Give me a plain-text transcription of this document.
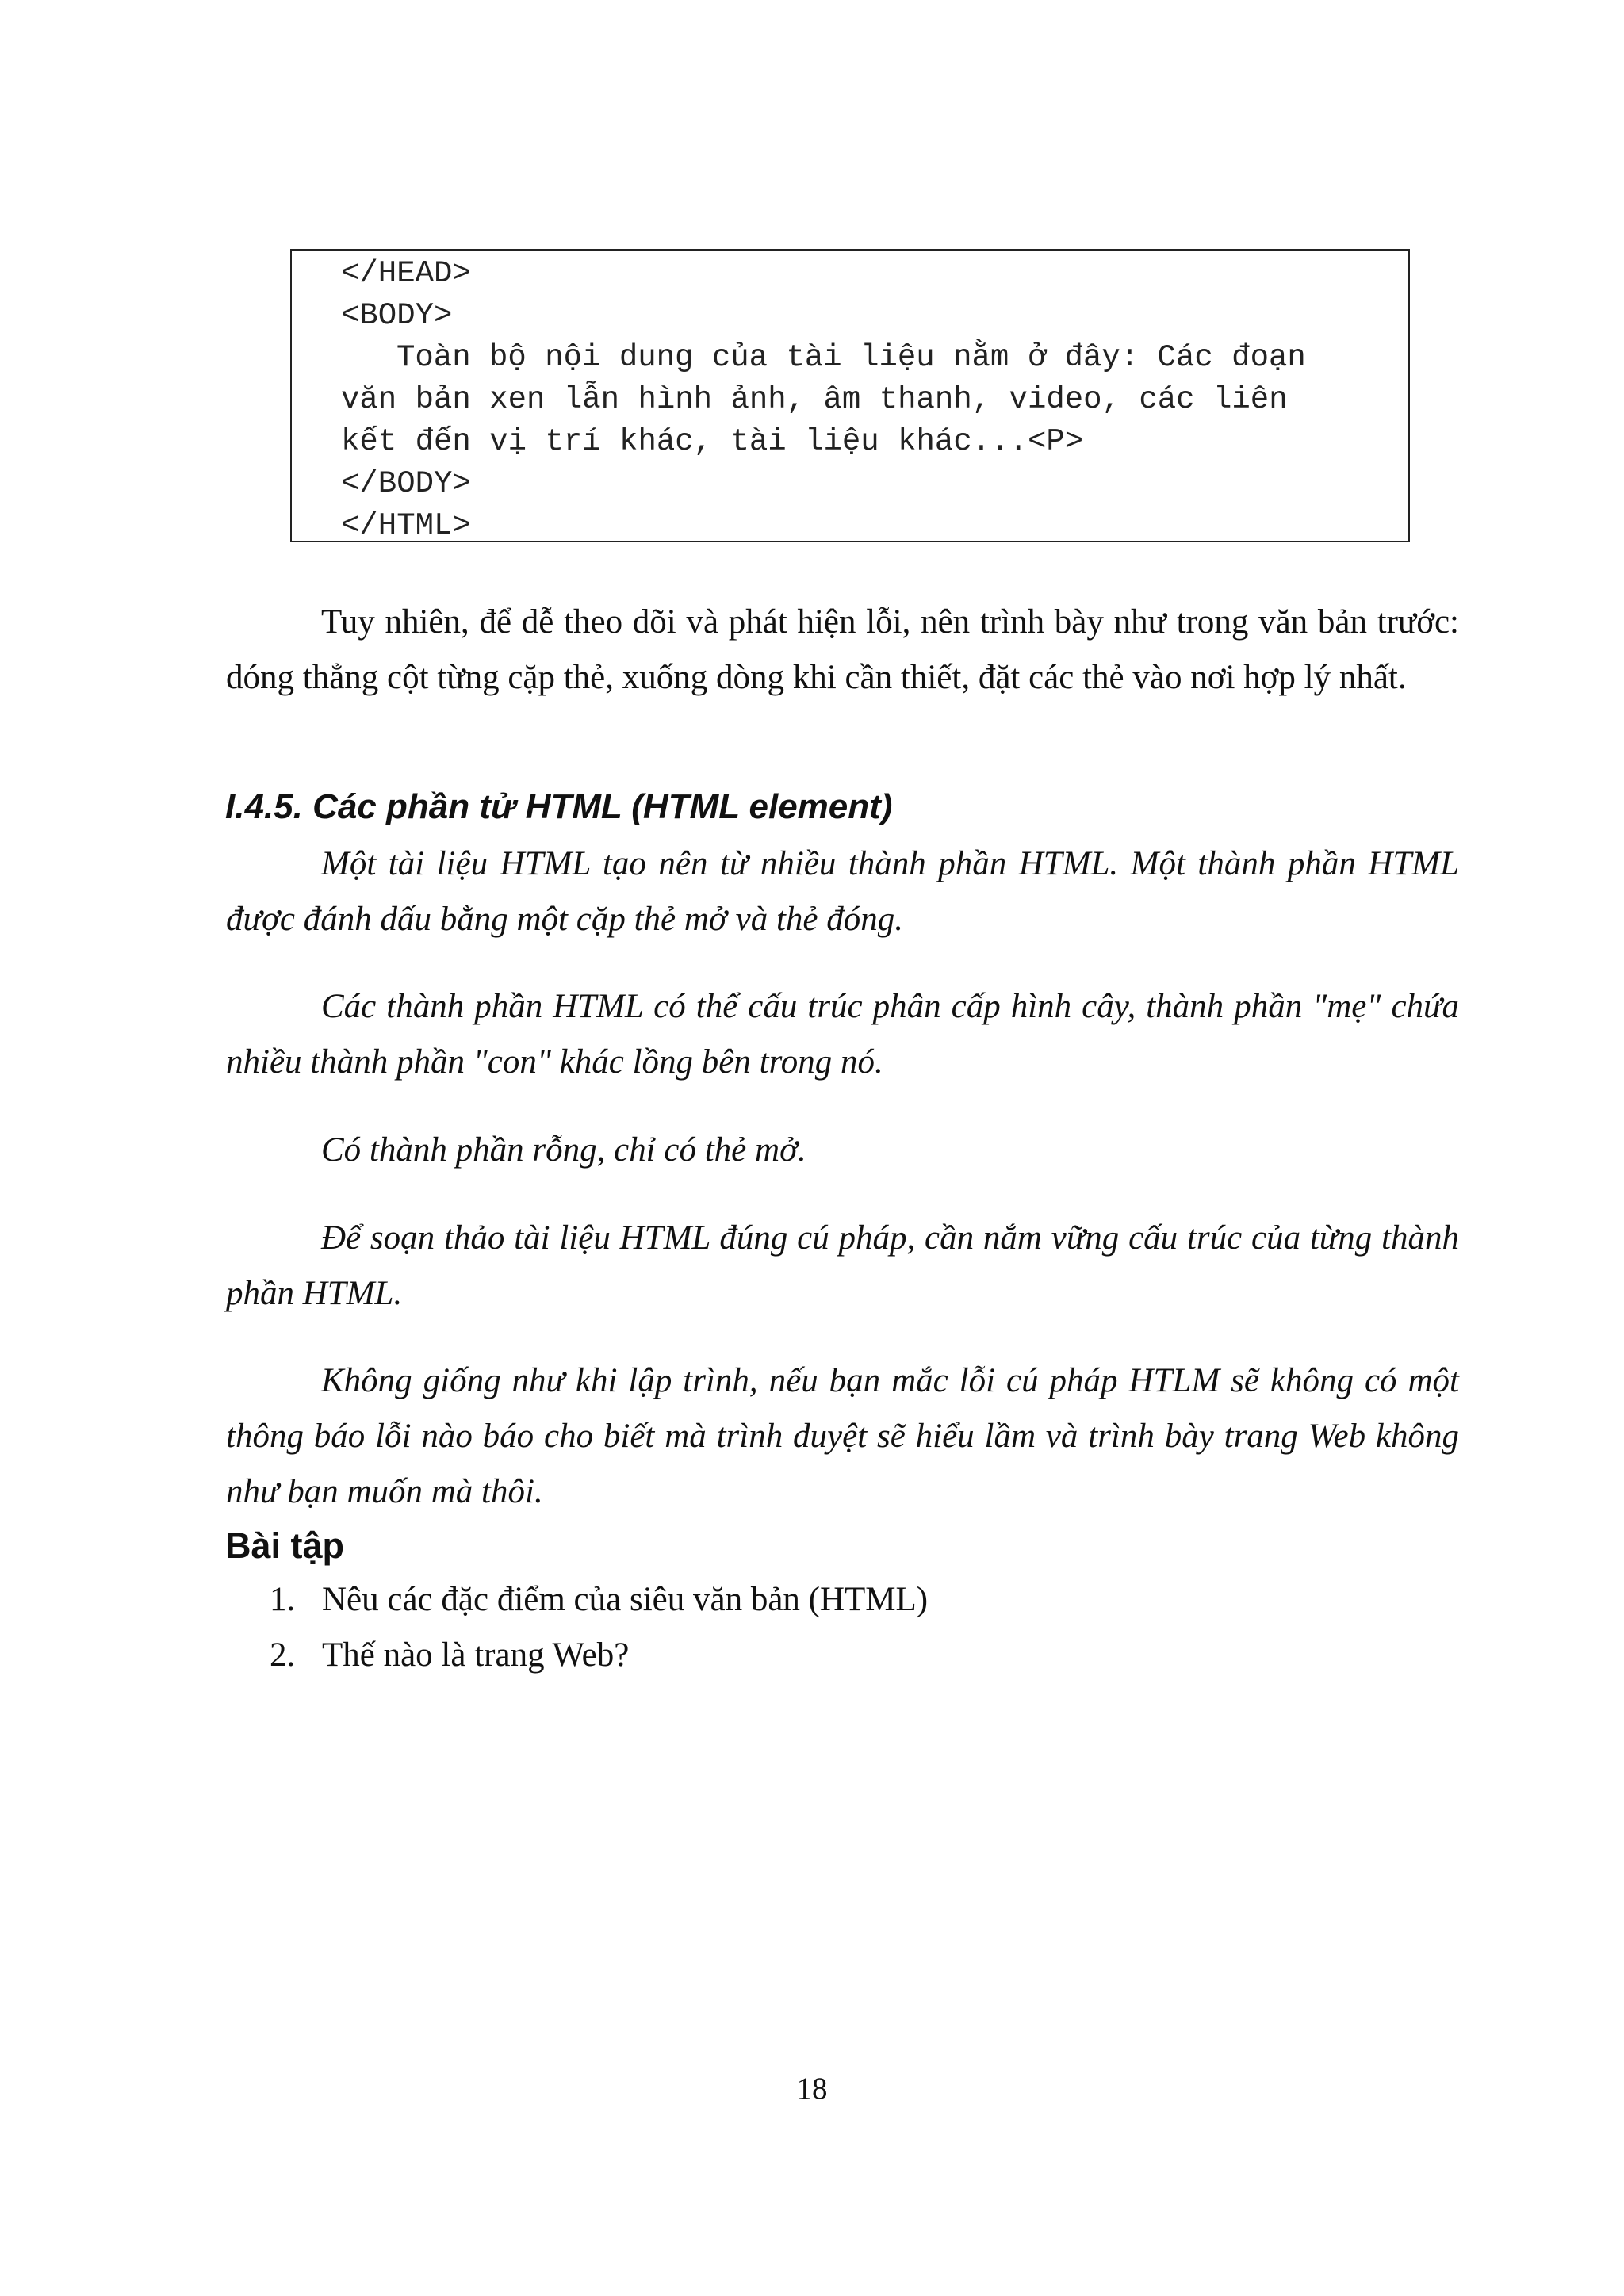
</HEAD>
<BODY>
Toàn bộ nội dung của tài liệu nằm ở đây: Các đoạn
văn bản xen lẫn hình ảnh, âm thanh, video, các liên
kết đến vị trí khác, tài liệu khác...<P>
</BODY>
</HTML>

Tuy nhiên, để dễ theo dõi và phát hiện lỗi, nên trình bày như trong văn bản trước: dóng thẳng cột từng cặp thẻ, xuống dòng khi cần thiết, đặt các thẻ vào nơi hợp lý nhất.

I.4.5. Các phần tử HTML (HTML element)

Một tài liệu HTML tạo nên từ nhiều thành phần HTML. Một thành phần HTML được đánh dấu bằng một cặp thẻ mở và thẻ đóng.

Các thành phần HTML có thể cấu trúc phân cấp hình cây, thành phần "mẹ" chứa nhiều thành phần "con" khác lồng bên trong nó.

Có thành phần rỗng, chỉ có thẻ mở.

Để soạn thảo tài liệu HTML đúng cú pháp, cần nắm vững cấu trúc của từng thành phần HTML.

Không giống như khi lập trình, nếu bạn mắc lỗi cú pháp HTLM sẽ không có một thông báo lỗi nào báo cho biết mà trình duyệt sẽ hiểu lầm và trình bày trang Web không như bạn muốn mà thôi.

Bài tập
1. Nêu các đặc điểm của siêu văn bản (HTML)
2. Thế nào là trang Web?
18
